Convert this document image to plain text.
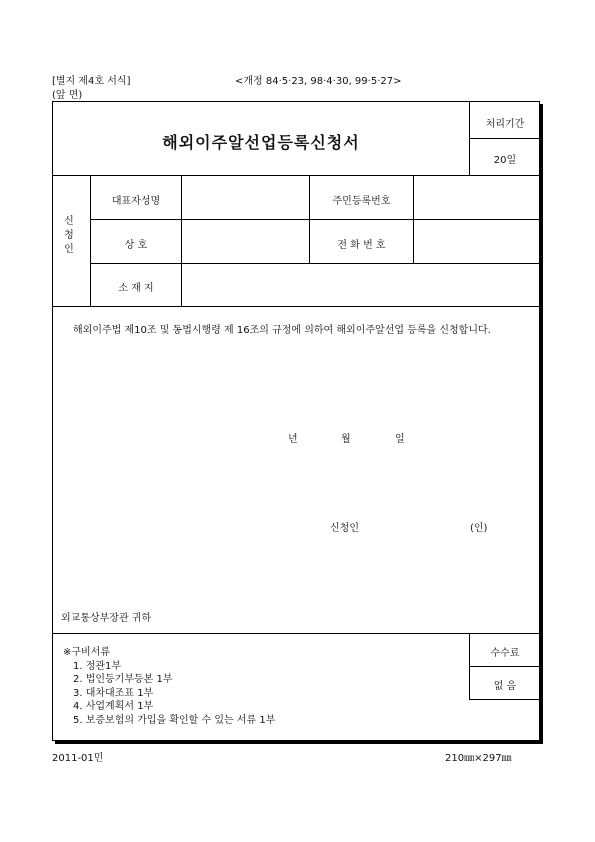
[별지 제4호 서식]	<개정 84·5·23, 98·4·30, 99·5·27>
(앞 면)
해외이주알선업등록신청서
처리기간
20일
신
청
인
대표자성명	주민등록번호
상 호	전 화 번 호
소 재 지
해외이주법 제10조 및 동법시행령 제 16조의 규정에 의하여 해외이주알선업 등록을 신청합니다.
년	월	일
신청인	(인)
외교통상부장관 귀하
※구비서류
1. 정관1부
2. 법인등기부등본 1부
3. 대차대조표 1부
4. 사업계획서 1부
5. 보증보험의 가입을 확인할 수 있는 서류 1부
수수료
없 음
2011-01민	210㎜×297㎜
